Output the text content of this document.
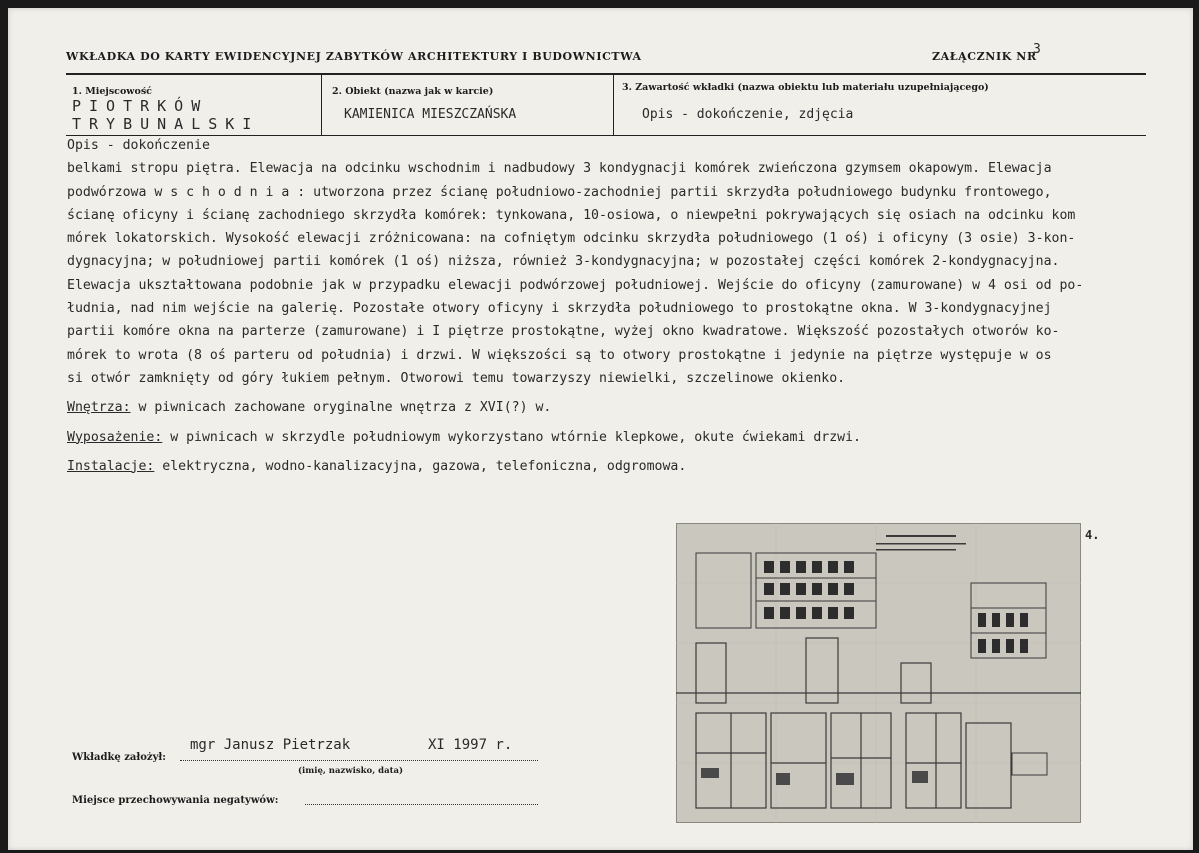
WKŁADKA DO KARTY EWIDENCYJNEJ ZABYTKÓW ARCHITEKTURY I BUDOWNICTWA	ZAŁĄCZNIK NR
3
1. Miejscowość
PIOTRKÓW
TRYBUNALSKI
2. Obiekt (nazwa jak w karcie)
KAMIENICA MIESZCZAŃSKA
3. Zawartość wkładki (nazwa obiektu lub materiału uzupełniającego)
Opis - dokończenie, zdjęcia
Opis - dokończenie
belkami stropu piętra. Elewacja na odcinku wschodnim i nadbudowy 3 kondygnacji komórek zwieńczona gzymsem okapowym. Elewacja
podwórzowa w s c h o d n i a : utworzona przez ścianę południowo-zachodniej partii skrzydła południowego budynku frontowego,
ścianę oficyny i ścianę zachodniego skrzydła komórek: tynkowana, 10-osiowa, o niewpełni pokrywających się osiach na odcinku kom
mórek lokatorskich. Wysokość elewacji zróżnicowana: na cofniętym odcinku skrzydła południowego (1 oś) i oficyny (3 osie) 3-kon-
dygnacyjna; w południowej partii komórek (1 oś) niższa, również 3-kondygnacyjna; w pozostałej części komórek 2-kondygnacyjna.
Elewacja ukształtowana podobnie jak w przypadku elewacji podwórzowej południowej. Wejście do oficyny (zamurowane) w 4 osi od po-
łudnia, nad nim wejście na galerię. Pozostałe otwory oficyny i skrzydła południowego to prostokątne okna. W 3-kondygnacyjnej
partii komóre okna na parterze (zamurowane) i I piętrze prostokątne, wyżej okno kwadratowe. Większość pozostałych otworów ko-
mórek to wrota (8 oś parteru od południa) i drzwi. W większości są to otwory prostokątne i jedynie na piętrze występuje w os
si otwór zamknięty od góry łukiem pełnym. Otworowi temu towarzyszy niewielki, szczelinowe okienko.
Wnętrza: w piwnicach zachowane oryginalne wnętrza z XVI(?) w.
Wyposażenie: w piwnicach w skrzydle południowym wykorzystano wtórnie klepkowe, okute ćwiekami drzwi.
Instalacje: elektryczna, wodno-kanalizacyjna, gazowa, telefoniczna, odgromowa.
Wkładkę założył:
mgr Janusz Pietrzak	XI 1997 r.
(imię, nazwisko, data)
Miejsce przechowywania negatywów:
4.
